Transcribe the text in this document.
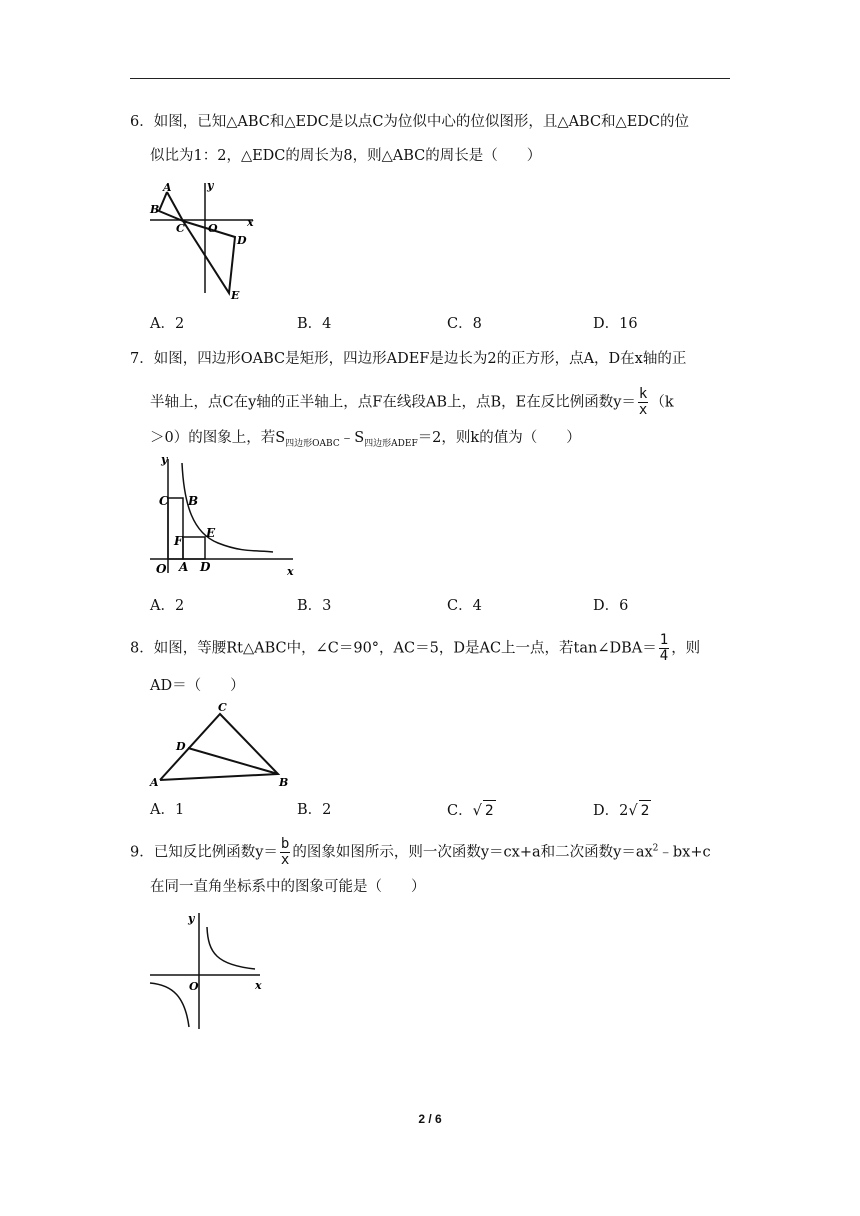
6．如图，已知△ABC和△EDC是以点C为位似中心的位似图形，且△ABC和△EDC的位
似比为1：2，△EDC的周长为8，则△ABC的周长是（　　）
y
A
B
C O	x
D
E
A．2	B．4	C．8	D．16
7．如图，四边形OABC是矩形，四边形ADEF是边长为2的正方形，点A，D在x轴的正
半轴上，点C在y轴的正半轴上，点F在线段AB上，点B，E在反比例函数$y= \frac{k}{x} (k$
＞0）的图象上，若$S_{四边形OABC}﹣S_{四边形ADEF}=2$，则k的值为（　　）
y
C B
E
F
O A D	x
A．2	B．3	C．4	D．6
8．如图，等腰Rt△ABC中，∠C＝90°，AC＝5，D是AC上一点，若tan∠DBA＝ $\frac{1}{4}$ ，则
AD＝（　　）
C
D
A	B
A．1	B．2	C．√ 2	D．2√ 2
9．已知反比例函数$y= \frac{b}{x}$ 的图象如图所示，则一次函数y＝cx+a和二次函数$y=ax^2﹣bx+c$
在同一直角坐标系中的图象可能是（　　）
y
O	x
2 / 6
